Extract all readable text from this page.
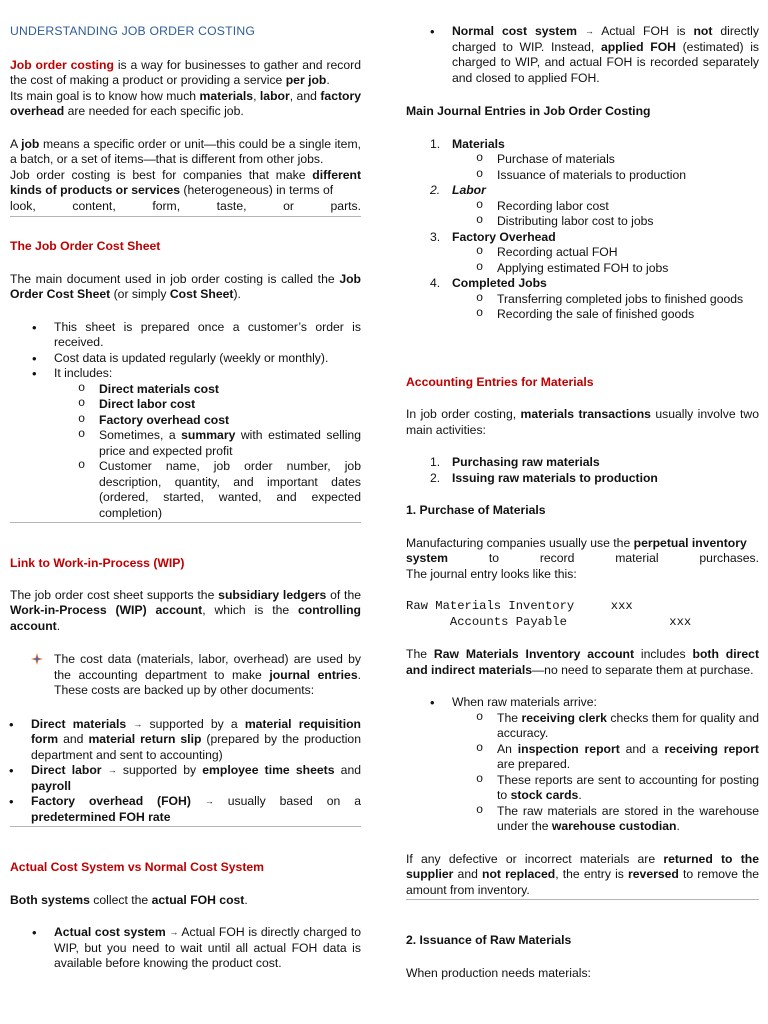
UNDERSTANDING JOB ORDER COSTING

Job order costing is a way for businesses to gather and record the cost of making a product or providing a service per job.

Its main goal is to know how much materials, labor, and factory overhead are needed for each specific job.

A job means a specific order or unit—this could be a single item, a batch, or a set of items—that is different from other jobs.

Job order costing is best for companies that make different kinds of products or services (heterogeneous) in terms of

look,	content,	form,	taste,	or	parts.

The Job Order Cost Sheet

The main document used in job order costing is called the Job Order Cost Sheet (or simply Cost Sheet).

• This sheet is prepared once a customer’s order is received.
• Cost data is updated regularly (weekly or monthly).
• It includes:
o Direct materials cost
o Direct labor cost
o Factory overhead cost
o Sometimes, a summary with estimated selling price and expected profit
o Customer name, job order number, job description, quantity, and important dates (ordered, started, wanted, and expected completion)

Link to Work-in-Process (WIP)

The job order cost sheet supports the subsidiary ledgers of the Work-in-Process (WIP) account, which is the controlling account.

The cost data (materials, labor, overhead) are used by the accounting department to make journal entries. These costs are backed up by other documents:

• Direct materials → supported by a material requisition form and material return slip (prepared by the production department and sent to accounting)
• Direct labor → supported by employee time sheets and payroll
• Factory overhead (FOH) → usually based on a predetermined FOH rate

Actual Cost System vs Normal Cost System

Both systems collect the actual FOH cost.

• Actual cost system → Actual FOH is directly charged to WIP, but you need to wait until all actual FOH data is available before knowing the product cost.
• Normal cost system → Actual FOH is not directly charged to WIP. Instead, applied FOH (estimated) is charged to WIP, and actual FOH is recorded separately and closed to applied FOH.

Main Journal Entries in Job Order Costing

1. Materials
o Purchase of materials
o Issuance of materials to production
2. Labor
o Recording labor cost
o Distributing labor cost to jobs
3. Factory Overhead
o Recording actual FOH
o Applying estimated FOH to jobs
4. Completed Jobs
o Transferring completed jobs to finished goods
o Recording the sale of finished goods

Accounting Entries for Materials

In job order costing, materials transactions usually involve two main activities:

1. Purchasing raw materials
2. Issuing raw materials to production

1. Purchase of Materials

Manufacturing companies usually use the perpetual inventory

system	to	record	material	purchases.

The journal entry looks like this:

Raw Materials Inventory     xxx

Accounts Payable              xxx

The Raw Materials Inventory account includes both direct and indirect materials—no need to separate them at purchase.

• When raw materials arrive:
o The receiving clerk checks them for quality and accuracy.
o An inspection report and a receiving report are prepared.
o These reports are sent to accounting for posting to stock cards.
o The raw materials are stored in the warehouse under the warehouse custodian.

If any defective or incorrect materials are returned to the supplier and not replaced, the entry is reversed to remove the amount from inventory.

2. Issuance of Raw Materials

When production needs materials:
